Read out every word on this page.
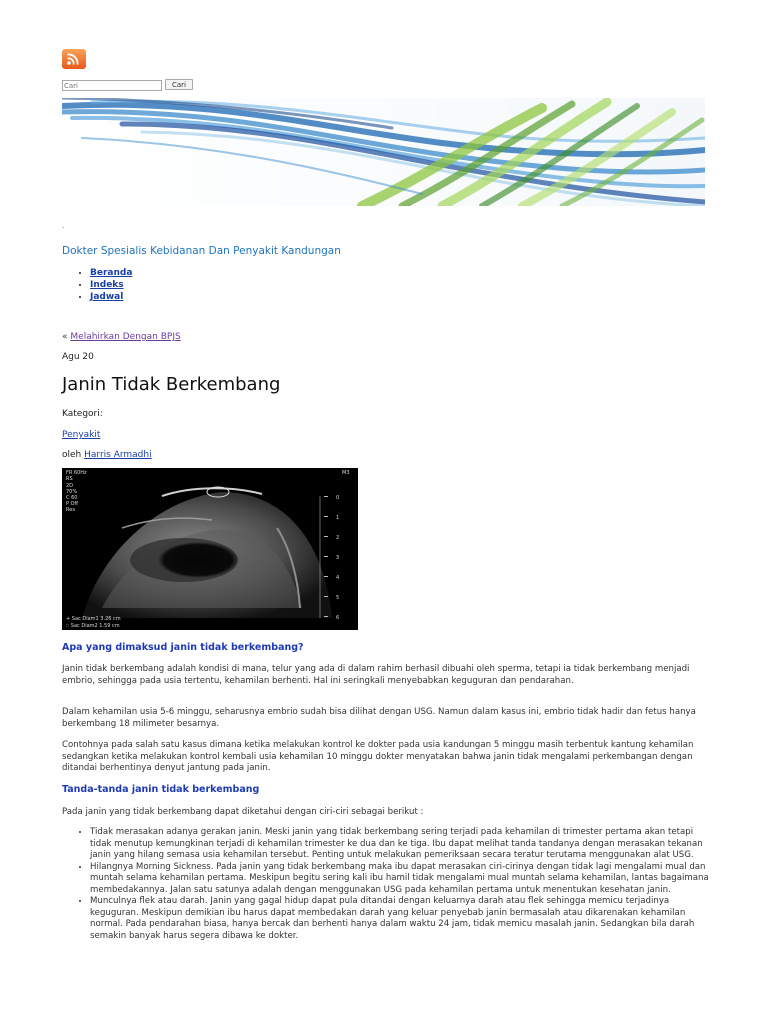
Cari
Cari
.
Dokter Spesialis Kebidanan Dan Penyakit Kandungan
• Beranda
• Indeks
• Jadwal
« Melahirkan Dengan BPJS
Agu 20
Janin Tidak Berkembang
Kategori:
Penyakit
oleh Harris Armadhi
FR 60Hz
RS
2D
70%
C 60
P Off
Res
+ Sac Diam1 3.26 cm
∷ Sac Diam2 1.59 cm
M3
0
1
2
3
4
5
6
Apa yang dimaksud janin tidak berkembang?

Janin tidak berkembang adalah kondisi di mana, telur yang ada di dalam rahim berhasil dibuahi oleh sperma, tetapi ia tidak berkembang menjadi embrio, sehingga pada usia tertentu, kehamilan berhenti. Hal ini seringkali menyebabkan keguguran dan pendarahan.

Dalam kehamilan usia 5-6 minggu, seharusnya embrio sudah bisa dilihat dengan USG. Namun dalam kasus ini, embrio tidak hadir dan fetus hanya berkembang 18 milimeter besarnya.

Contohnya pada salah satu kasus dimana ketika melakukan kontrol ke dokter pada usia kandungan 5 minggu masih terbentuk kantung kehamilan sedangkan ketika melakukan kontrol kembali usia kehamilan 10 minggu dokter menyatakan bahwa janin tidak mengalami perkembangan dengan ditandai berhentinya denyut jantung pada janin.

Tanda-tanda janin tidak berkembang

Pada janin yang tidak berkembang dapat diketahui dengan ciri-ciri sebagai berikut :

• Tidak merasakan adanya gerakan janin. Meski janin yang tidak berkembang sering terjadi pada kehamilan di trimester pertama akan tetapi tidak menutup kemungkinan terjadi di kehamilan trimester ke dua dan ke tiga. Ibu dapat melihat tanda tandanya dengan merasakan tekanan janin yang hilang semasa usia kehamilan tersebut. Penting untuk melakukan pemeriksaan secara teratur terutama menggunakan alat USG.
• Hilangnya Morning Sickness. Pada janin yang tidak berkembang maka ibu dapat merasakan ciri-cirinya dengan tidak lagi mengalami mual dan muntah selama kehamilan pertama. Meskipun begitu sering kali ibu hamil tidak mengalami mual muntah selama kehamilan, lantas bagaimana membedakannya. Jalan satu satunya adalah dengan menggunakan USG pada kehamilan pertama untuk menentukan kesehatan janin.
• Munculnya flek atau darah. Janin yang gagal hidup dapat pula ditandai dengan keluarnya darah atau flek sehingga memicu terjadinya keguguran. Meskipun demikian ibu harus dapat membedakan darah yang keluar penyebab janin bermasalah atau dikarenakan kehamilan normal. Pada pendarahan biasa, hanya bercak dan berhenti hanya dalam waktu 24 jam, tidak memicu masalah janin. Sedangkan bila darah semakin banyak harus segera dibawa ke dokter.
